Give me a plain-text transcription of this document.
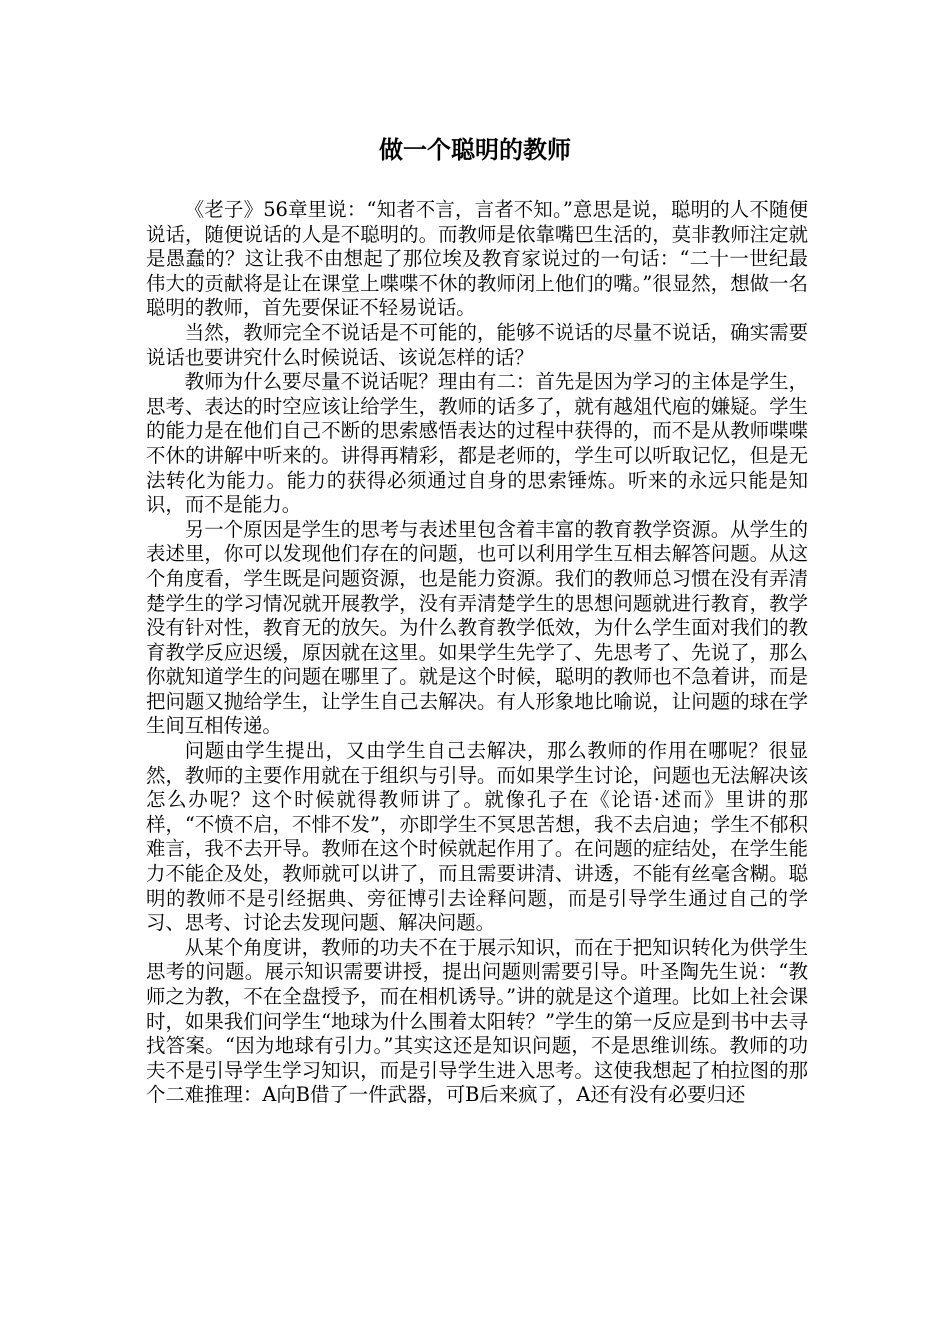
做一个聪明的教师

《老子》56章里说：“知者不言，言者不知。”意思是说，聪明的人不随便说话，随便说话的人是不聪明的。而教师是依靠嘴巴生活的，莫非教师注定就是愚蠢的？这让我不由想起了那位埃及教育家说过的一句话：“二十一世纪最伟大的贡献将是让在课堂上喋喋不休的教师闭上他们的嘴。”很显然，想做一名聪明的教师，首先要保证不轻易说话。

当然，教师完全不说话是不可能的，能够不说话的尽量不说话，确实需要说话也要讲究什么时候说话、该说怎样的话？

教师为什么要尽量不说话呢？理由有二：首先是因为学习的主体是学生，思考、表达的时空应该让给学生，教师的话多了，就有越俎代庖的嫌疑。学生的能力是在他们自己不断的思索感悟表达的过程中获得的，而不是从教师喋喋不休的讲解中听来的。讲得再精彩，都是老师的，学生可以听取记忆，但是无法转化为能力。能力的获得必须通过自身的思索锤炼。听来的永远只能是知识，而不是能力。

另一个原因是学生的思考与表述里包含着丰富的教育教学资源。从学生的表述里，你可以发现他们存在的问题，也可以利用学生互相去解答问题。从这个角度看，学生既是问题资源，也是能力资源。我们的教师总习惯在没有弄清楚学生的学习情况就开展教学，没有弄清楚学生的思想问题就进行教育，教学没有针对性，教育无的放矢。为什么教育教学低效，为什么学生面对我们的教育教学反应迟缓，原因就在这里。如果学生先学了、先思考了、先说了，那么你就知道学生的问题在哪里了。就是这个时候，聪明的教师也不急着讲，而是把问题又抛给学生，让学生自己去解决。有人形象地比喻说，让问题的球在学生间互相传递。

问题由学生提出，又由学生自己去解决，那么教师的作用在哪呢？很显然，教师的主要作用就在于组织与引导。而如果学生讨论，问题也无法解决该怎么办呢？这个时候就得教师讲了。就像孔子在《论语·述而》里讲的那样，“不愤不启，不悱不发”，亦即学生不冥思苦想，我不去启迪；学生不郁积难言，我不去开导。教师在这个时候就起作用了。在问题的症结处，在学生能力不能企及处，教师就可以讲了，而且需要讲清、讲透，不能有丝毫含糊。聪明的教师不是引经据典、旁征博引去诠释问题，而是引导学生通过自己的学习、思考、讨论去发现问题、解决问题。

从某个角度讲，教师的功夫不在于展示知识，而在于把知识转化为供学生思考的问题。展示知识需要讲授，提出问题则需要引导。叶圣陶先生说：“教师之为教，不在全盘授予，而在相机诱导。”讲的就是这个道理。比如上社会课时，如果我们问学生“地球为什么围着太阳转？”学生的第一反应是到书中去寻找答案。“因为地球有引力。”其实这还是知识问题，不是思维训练。教师的功夫不是引导学生学习知识，而是引导学生进入思考。这使我想起了柏拉图的那个二难推理：A向B借了一件武器，可B后来疯了，A还有没有必要归还
